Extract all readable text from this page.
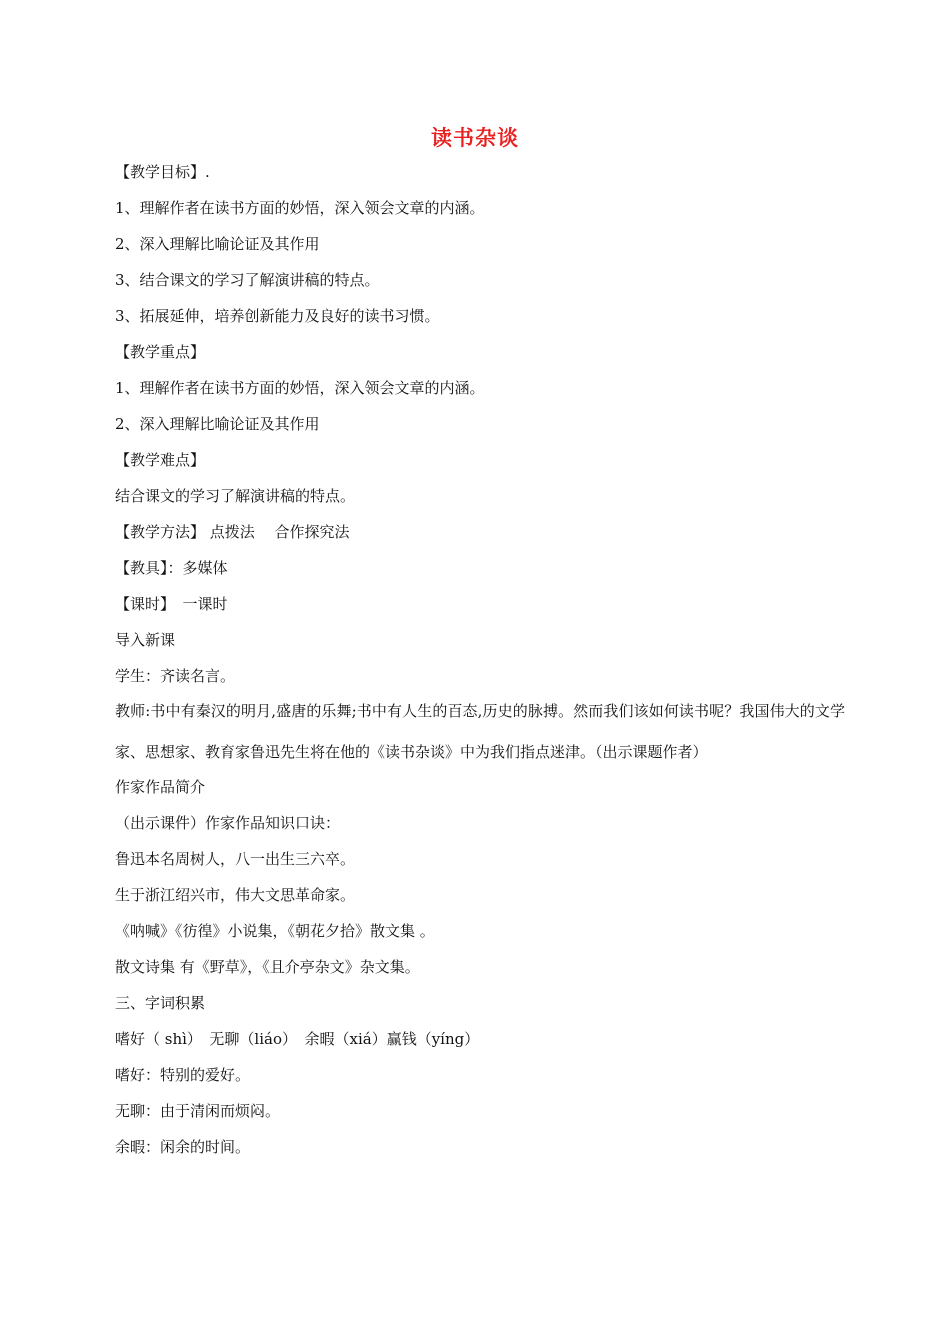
读书杂谈
【教学目标】.
1、理解作者在读书方面的妙悟，深入领会文章的内涵。
2、深入理解比喻论证及其作用
3、结合课文的学习了解演讲稿的特点。
3、拓展延伸，培养创新能力及良好的读书习惯。
【教学重点】
1、理解作者在读书方面的妙悟，深入领会文章的内涵。
2、深入理解比喻论证及其作用
【教学难点】
结合课文的学习了解演讲稿的特点。
【教学方法】 点拨法　 合作探究法
【教具】：多媒体
【课时】　一课时
导入新课
学生：齐读名言。
教师:书中有秦汉的明月,盛唐的乐舞;书中有人生的百态,历史的脉搏。然而我们该如何读书呢？我国伟大的文学家、思想家、教育家鲁迅先生将在他的《读书杂谈》中为我们指点迷津。（出示课题作者）
作家作品简介
（出示课件）作家作品知识口诀：
鲁迅本名周树人，八一出生三六卒。
生于浙江绍兴市，伟大文思革命家。
《呐喊》《彷徨》小说集，《朝花夕拾》散文集 。
散文诗集 有《野草》，《且介亭杂文》杂文集。
三、字词积累
嗜好（ shì）　无聊（liáo）　余暇（xiá）赢钱（yíng）
嗜好：特别的爱好。
无聊：由于清闲而烦闷。
余暇：闲余的时间。
